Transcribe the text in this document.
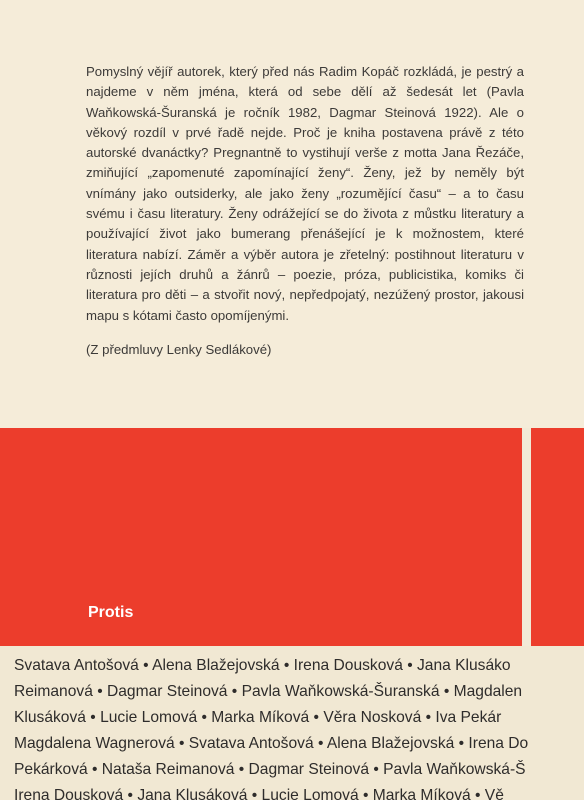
Pomyslný vějíř autorek, který před nás Radim Kopáč rozkládá, je pestrý a najdeme v něm jména, která od sebe dělí až šedesát let (Pavla Waňkowská-Šuranská je ročník 1982, Dagmar Steinová 1922). Ale o věkový rozdíl v prvé řadě nejde. Proč je kniha postavena právě z této autorské dvanáctky? Pregnantně to vystihují verše z motta Jana Řezáče, zmiňující „zapomenuté zapomínající ženy“. Ženy, jež by neměly být vnímány jako outsiderky, ale jako ženy „rozumějící času“ – a to času svému i času literatury. Ženy odrážející se do života z můstku literatury a používající život jako bumerang přenášející je k možnostem, které literatura nabízí. Záměr a výběr autora je zřetelný: postihnout literaturu v různosti jejích druhů a žánrů – poezie, próza, publicistika, komiks či literatura pro děti – a stvořit nový, nepředpojatý, nezúžený prostor, jakousi mapu s kótami často opomíjenými.

(Z předmluvy Lenky Sedlákové)

Protis
Svatava Antošová • Alena Blažejovská • Irena Dousková • Jana Klusáko
Reimanová • Dagmar Steinová • Pavla Waňkowská-Šuranská • Magdalen
Klusáková • Lucie Lomová • Marka Míková • Věra Nosková • Iva Pekár
Magdalena Wagnerová • Svatava Antošová • Alena Blažejovská • Irena Do
Pekárková • Nataša Reimanová • Dagmar Steinová • Pavla Waňkowská-Š
Irena Dousková • Jana Klusáková • Lucie Lomová • Marka Míková • Vě
